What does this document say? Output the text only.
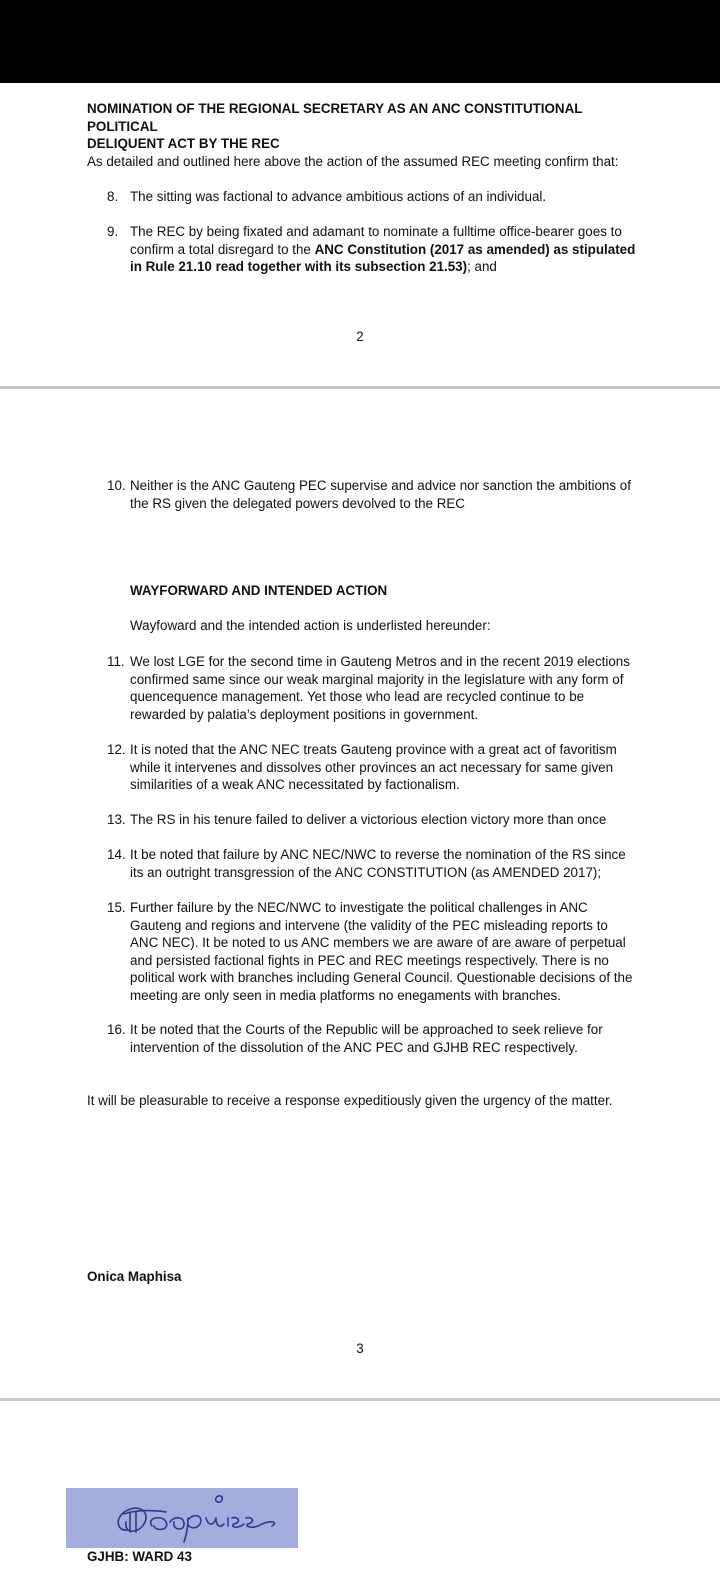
NOMINATION OF THE REGIONAL SECRETARY AS AN ANC CONSTITUTIONAL POLITICAL
DELIQUENT ACT BY THE REC
As detailed and outlined here above the action of the assumed REC meeting confirm that:
8. The sitting was factional to advance ambitious actions of an individual.
9. The REC by being fixated and adamant to nominate a fulltime office-bearer goes to
confirm a total disregard to the ANC Constitution (2017 as amended) as stipulated
in Rule 21.10 read together with its subsection 21.53); and
2
10. Neither is the ANC Gauteng PEC supervise and advice nor sanction the ambitions of
the RS given the delegated powers devolved to the REC
WAYFORWARD AND INTENDED ACTION
Wayfoward and the intended action is underlisted hereunder:
11. We lost LGE for the second time in Gauteng Metros and in the recent 2019 elections
confirmed same since our weak marginal majority in the legislature with any form of
quencequence management. Yet those who lead are recycled continue to be
rewarded by palatia’s deployment positions in government.
12. It is noted that the ANC NEC treats Gauteng province with a great act of favoritism
while it intervenes and dissolves other provinces an act necessary for same given
similarities of a weak ANC necessitated by factionalism.
13. The RS in his tenure failed to deliver a victorious election victory more than once
14. It be noted that failure by ANC NEC/NWC to reverse the nomination of the RS since
its an outright transgression of the ANC CONSTITUTION (as AMENDED 2017);
15. Further failure by the NEC/NWC to investigate the political challenges in ANC
Gauteng and regions and intervene (the validity of the PEC misleading reports to
ANC NEC). It be noted to us ANC members we are aware of are aware of perpetual
and persisted factional fights in PEC and REC meetings respectively. There is no
political work with branches including General Council. Questionable decisions of the
meeting are only seen in media platforms no enegaments with branches.
16. It be noted that the Courts of the Republic will be approached to seek relieve for
intervention of the dissolution of the ANC PEC and GJHB REC respectively.
It will be pleasurable to receive a response expeditiously given the urgency of the matter.
Onica Maphisa
3
GJHB: WARD 43
